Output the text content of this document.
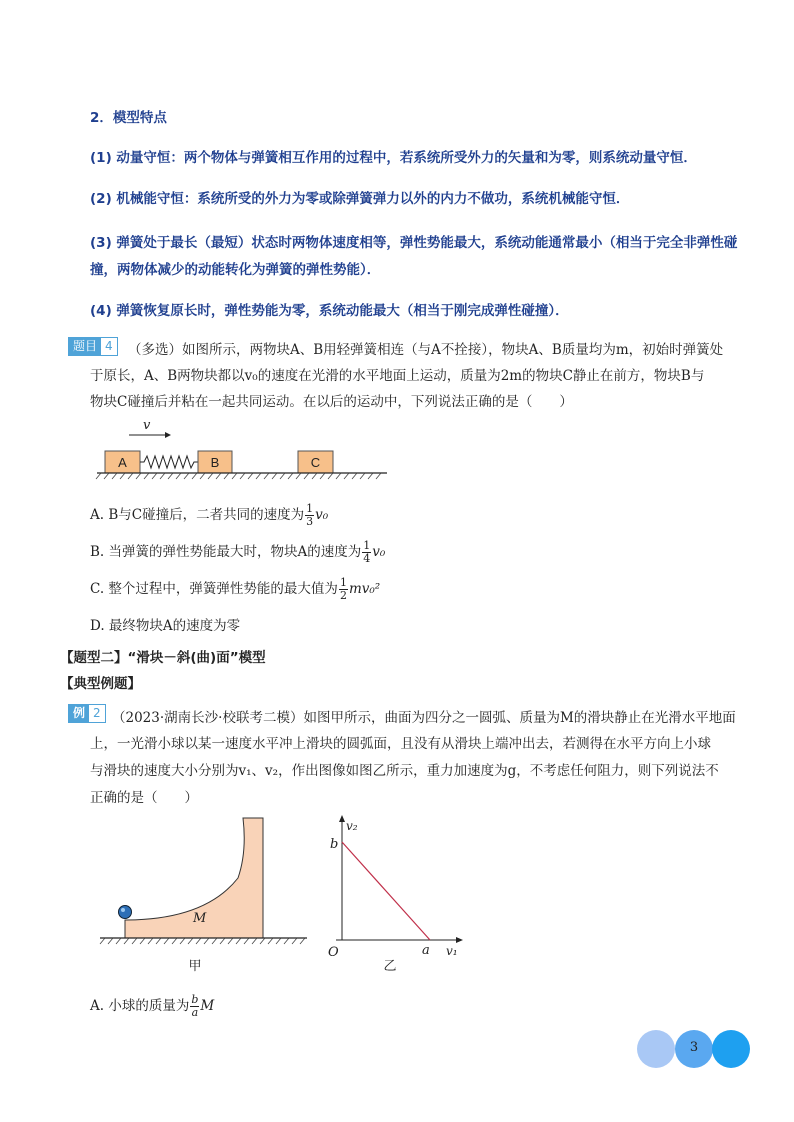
2．模型特点
(1) 动量守恒：两个物体与弹簧相互作用的过程中，若系统所受外力的矢量和为零，则系统动量守恒．
(2) 机械能守恒：系统所受的外力为零或除弹簧弹力以外的内力不做功，系统机械能守恒．
(3) 弹簧处于最长（最短）状态时两物体速度相等，弹性势能最大，系统动能通常最小（相当于完全非弹性碰
撞，两物体减少的动能转化为弹簧的弹性势能）．
(4) 弹簧恢复原长时，弹性势能为零，系统动能最大（相当于刚完成弹性碰撞）．
题目 4	（多选）如图所示，两物块A、B用轻弹簧相连（与A不拴接），物块A、B质量均为m，初始时弹簧处
于原长，A、B两物块都以v₀的速度在光滑的水平地面上运动，质量为2m的物块C静止在前方，物块B与
物块C碰撞后并粘在一起共同运动。在以后的运动中，下列说法正确的是（　　）
v
A	B	C
A. B与C碰撞后，二者共同的速度为 $\frac{1}{3} v_0$
B. 当弹簧的弹性势能最大时，物块A的速度为 $\frac{1}{4} v_0$
C. 整个过程中，弹簧弹性势能的最大值为 $\frac{1}{2} mv_0^2$
D. 最终物块A的速度为零
【题型二】“滑块－斜(曲)面”模型
【典型例题】
例 2 （2023·湖南长沙·校联考二模）如图甲所示，曲面为四分之一圆弧、质量为M的滑块静止在光滑水平地面
上，一光滑小球以某一速度水平冲上滑块的圆弧面，且没有从滑块上端冲出去，若测得在水平方向上小球
与滑块的速度大小分别为v₁、v₂，作出图像如图乙所示，重力加速度为g，不考虑任何阻力，则下列说法不
正确的是（　　）
M
甲
v₂
v₁
O
b
a
乙
A. 小球的质量为 $\frac{b}{a}$ M
3
